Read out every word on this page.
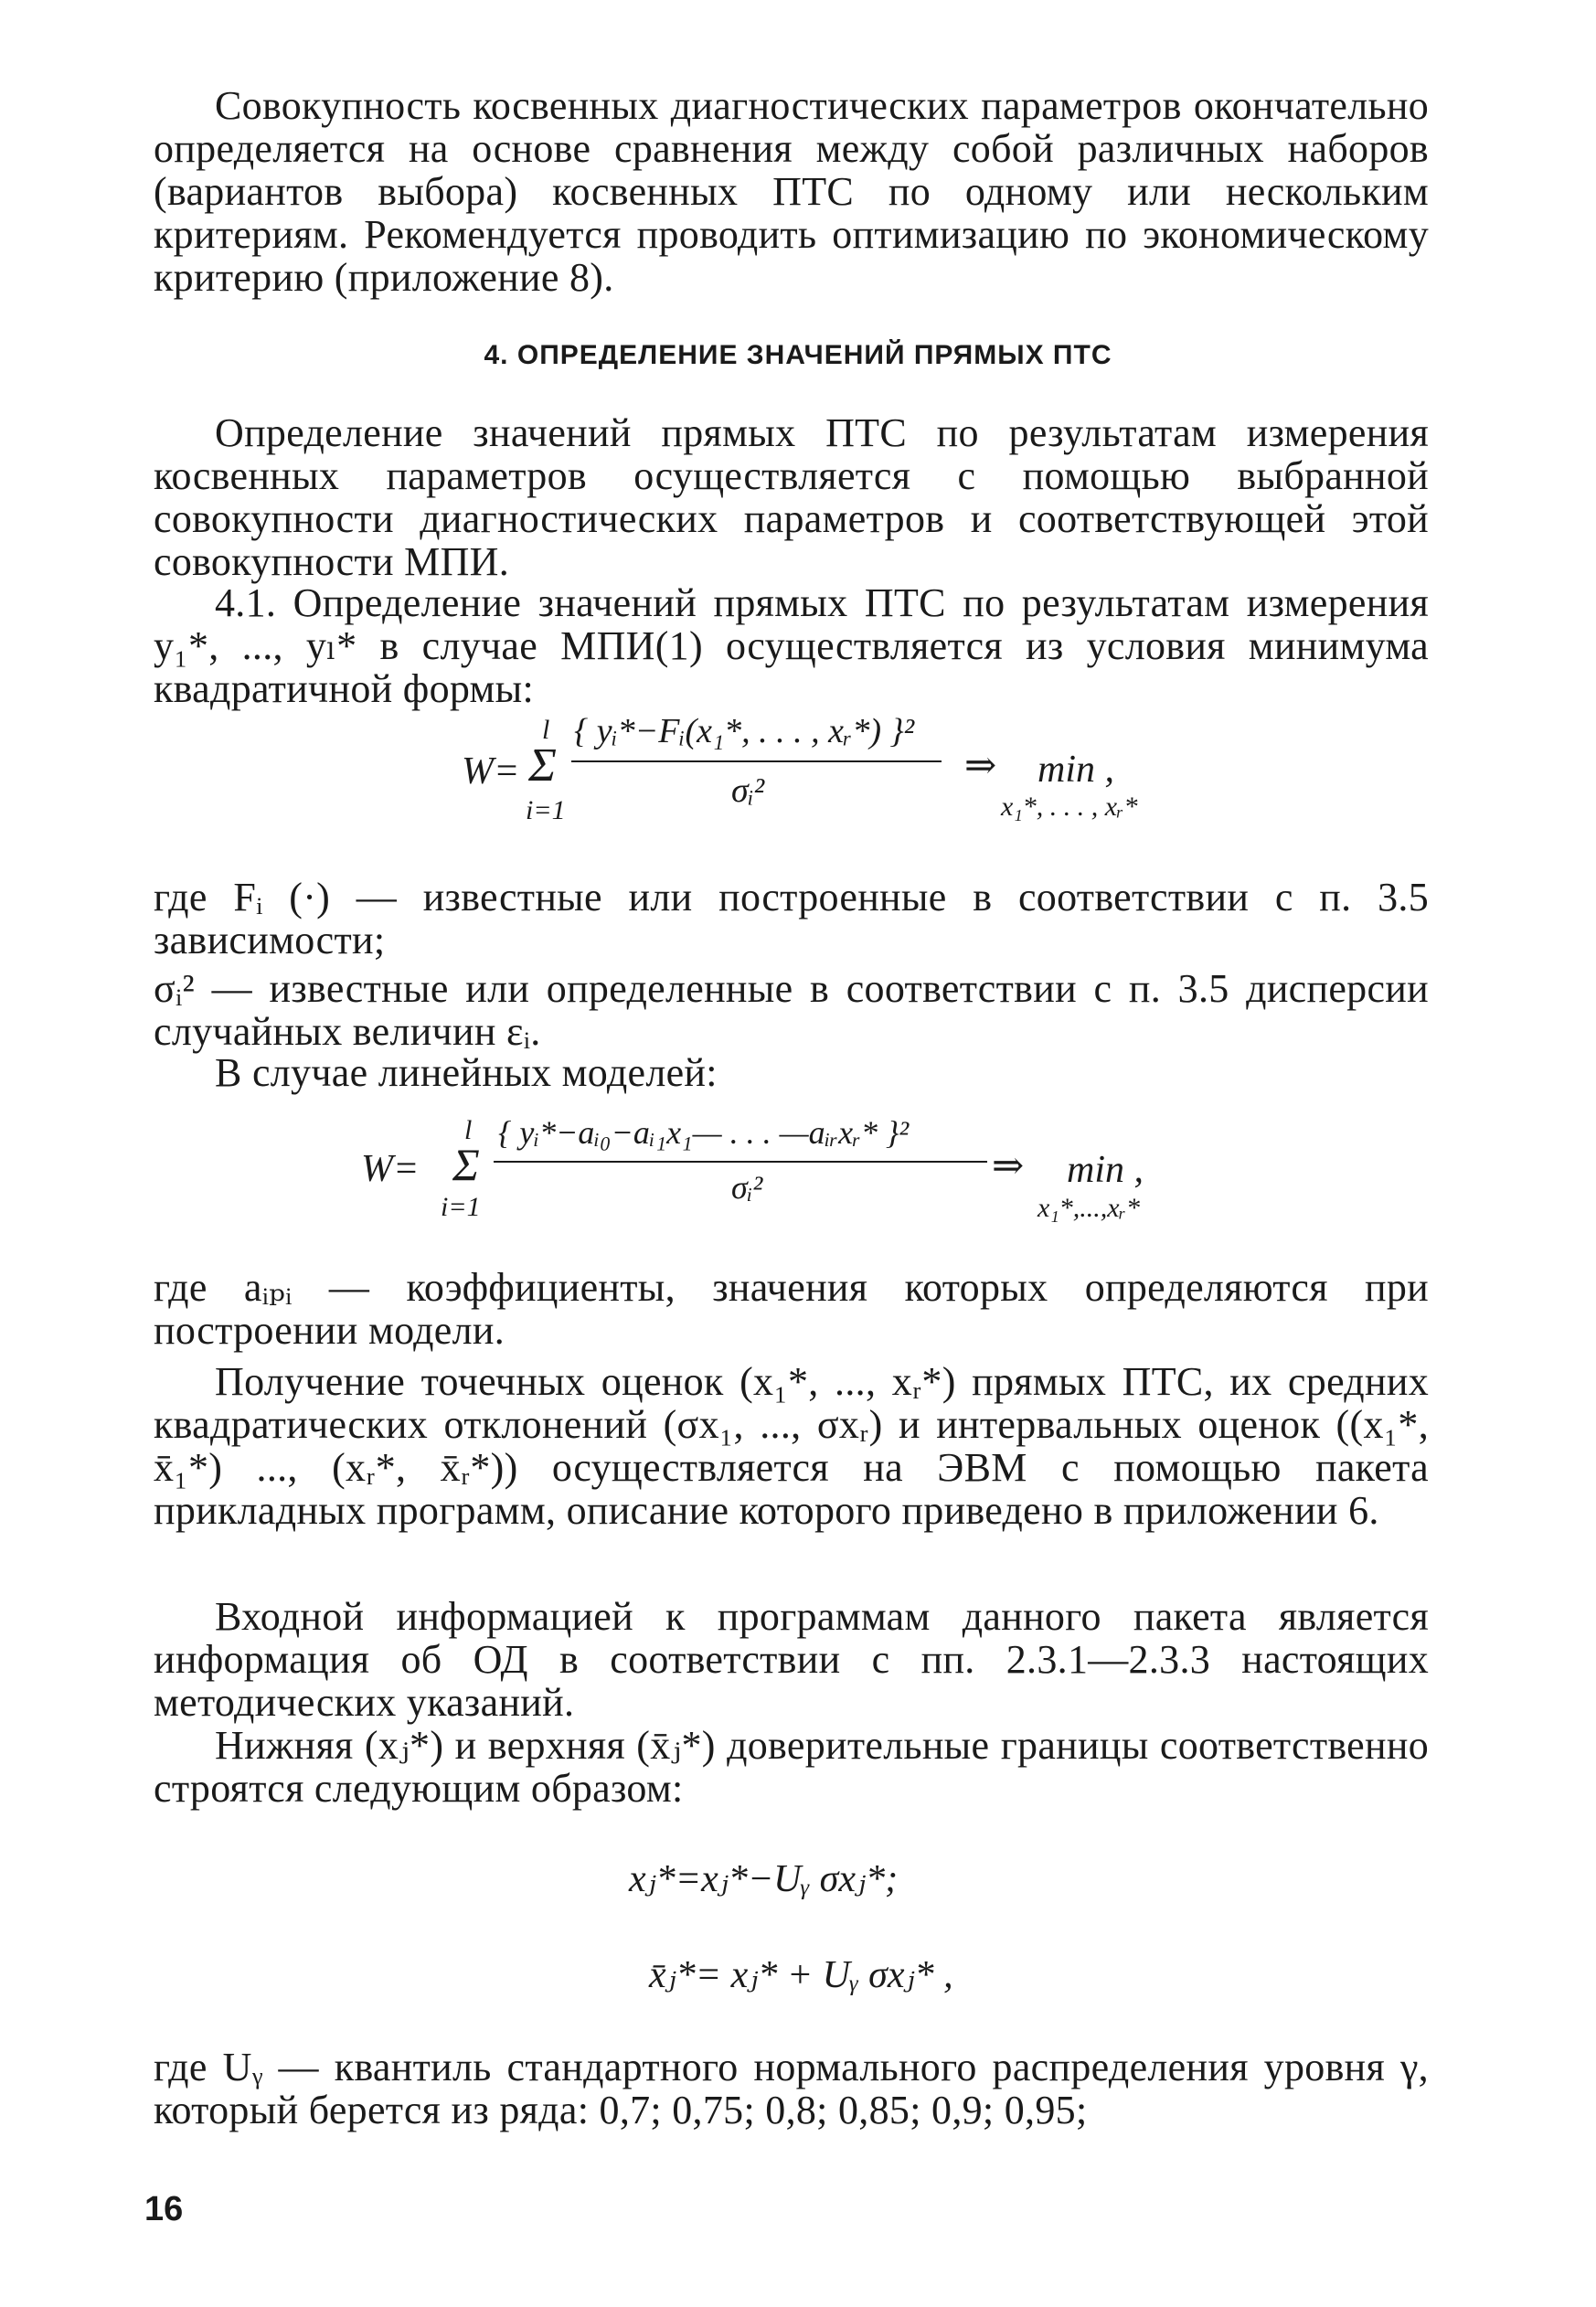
Совокупность косвенных диагностических параметров окончательно определяется на основе сравнения между собой различных наборов (вариантов выбора) косвенных ПТС по одному или нескольким критериям. Рекомендуется проводить оптимизацию по экономическому критерию (приложение 8).
4. ОПРЕДЕЛЕНИЕ ЗНАЧЕНИЙ ПРЯМЫХ ПТС
Определение значений прямых ПТС по результатам измерения косвенных параметров осуществляется с помощью выбранной совокупности диагностических параметров и соответствующей этой совокупности МПИ.
4.1. Определение значений прямых ПТС по результатам измерения y₁*, ..., yₗ* в случае МПИ(1) осуществляется из условия минимума квадратичной формы:
W=
l
Σ
i=1
{ yᵢ*−Fᵢ(x₁*, . . . , xᵣ*) }²
σᵢ²
⇒ min ,
x₁*, . . . , xᵣ*
где Fᵢ (·) — известные или построенные в соответствии с п. 3.5 зависимости;
σᵢ² — известные или определенные в соответствии с п. 3.5 дисперсии случайных величин εᵢ.
В случае линейных моделей:
W=
l
Σ
i=1
{ yᵢ*−aᵢ₀−aᵢ₁x₁— . . . —aᵢᵣxᵣ* }²
σᵢ²	⇒ min ,
x₁*,...,xᵣ*
где aᵢₚᵢ — коэффициенты, значения которых определяются при построении модели.
Получение точечных оценок (x₁*, ..., xᵣ*) прямых ПТС, их средних квадратических отклонений (σx₁, ..., σxᵣ) и интервальных оценок ((x₁*, x̄₁*) ..., (xᵣ*, x̄ᵣ*)) осуществляется на ЭВМ с помощью пакета прикладных программ, описание которого приведено в приложении 6.
Входной информацией к программам данного пакета является информация об ОД в соответствии с пп. 2.3.1—2.3.3 настоящих методических указаний.
Нижняя (xⱼ*) и верхняя (x̄ⱼ*) доверительные границы соответственно строятся следующим образом:
xⱼ*=xⱼ*−Uᵧ σxⱼ*;
x̄ⱼ*= xⱼ* + Uᵧ σxⱼ* ,
где Uᵧ — квантиль стандартного нормального распределения уровня γ, который берется из ряда: 0,7; 0,75; 0,8; 0,85; 0,9; 0,95;
16
